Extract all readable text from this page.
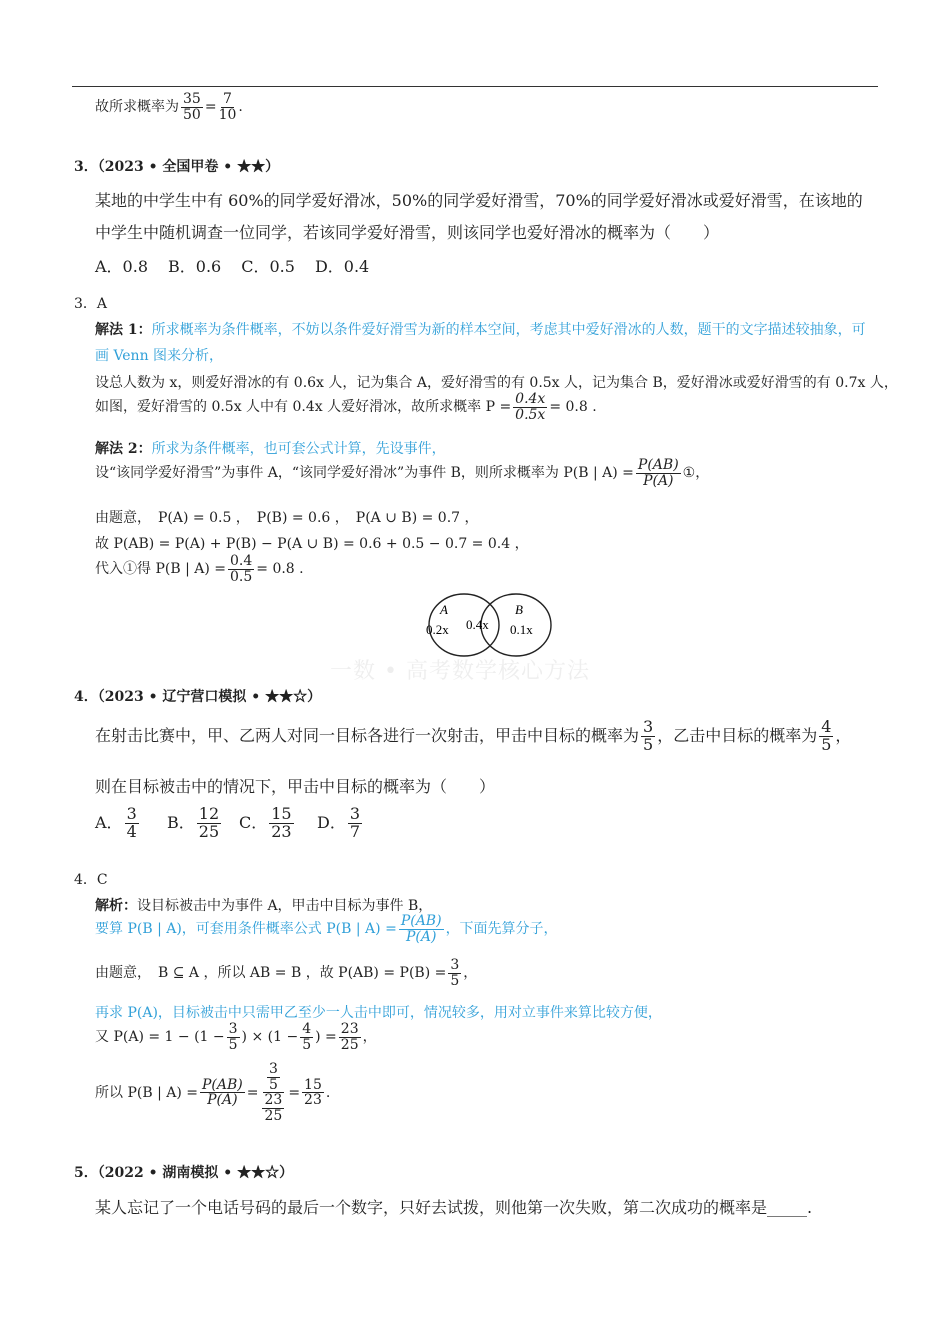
故所求概率为 $\frac{35}{50} = \frac{7}{10}$ .
3．（2023 • 全国甲卷 • ★★）
某地的中学生中有 60%的同学爱好滑冰，50%的同学爱好滑雪，70%的同学爱好滑冰或爱好滑雪，在该地的
中学生中随机调查一位同学，若该同学爱好滑雪，则该同学也爱好滑冰的概率为（　　）
A．0.8 B．0.6 C．0.5 D．0.4
3．A
解法 1：所求概率为条件概率，不妨以条件爱好滑雪为新的样本空间，考虑其中爱好滑冰的人数，题干的文字描述较抽象，可
画 Venn 图来分析，
设总人数为 x，则爱好滑冰的有 0.6x 人，记为集合 A，爱好滑雪的有 0.5x 人，记为集合 B，爱好滑冰或爱好滑雪的有 0.7x 人，
如图，爱好滑雪的 0.5x 人中有 0.4x 人爱好滑冰，故所求概率 $P = \frac{0.4x}{0.5x} = 0.8$ .
解法 2：所求为条件概率，也可套公式计算，先设事件，
设“该同学爱好滑雪”为事件 A，“该同学爱好滑冰”为事件 B，则所求概率为 P(B | $A) = \frac{P(AB)}{P(A)}$ ①，
由题意，　P(A) = 0.5 ，　P(B) = 0.6 ，　P(A ∪ B) = 0.7 ，
故 P(AB) = P(A) + P(B) − P(A ∪ B) = 0.6 + 0.5 − 0.7 = 0.4 ，
代入①得 P(B | $A) = \frac{0.4}{0.5} = 0.8$ .
A
0.2x 0.4x
B
0.1x
一数 • 高考数学核心方法
4．（2023 • 辽宁营口模拟 • ★★☆）
在射击比赛中，甲、乙两人对同一目标各进行一次射击，甲击中目标的概率为 $\frac{3}{5}$ ，乙击中目标的概率为 $\frac{4}{5}$ ，
则在目标被击中的情况下，甲击中目标的概率为（　　）
A． $\frac{3}{4}$ B． $\frac{12}{25}$ C． $\frac{15}{23}$ D． $\frac{3}{7}$
4．C
解析：设目标被击中为事件 A，甲击中目标为事件 B，
要算 P(B | A)，可套用条件概率公式 P(B | $A) = \frac{P(AB)}{P(A)}$ ，下面先算分子，
由题意，　B ⊆ A ，所以 AB = B ，故 $P(AB) = P(B) = \frac{3}{5}$ ，
再求 P(A)，目标被击中只需甲乙至少一人击中即可，情况较多，用对立事件来算比较方便，
又 $P(A) = 1 - (1 - \frac{3}{5}$ ) × ($1 - \frac{4}{5}$ ) = $\frac{23}{25}$ ，
所以 P(B | $A) = \frac{P(AB)}{P(A)} = \frac{\frac{3}{5}}{\frac{23}{25}} = \frac{15}{23}$ .
5．（2022 • 湖南模拟 • ★★☆）
某人忘记了一个电话号码的最后一个数字，只好去试拨，则他第一次失败，第二次成功的概率是_____.
